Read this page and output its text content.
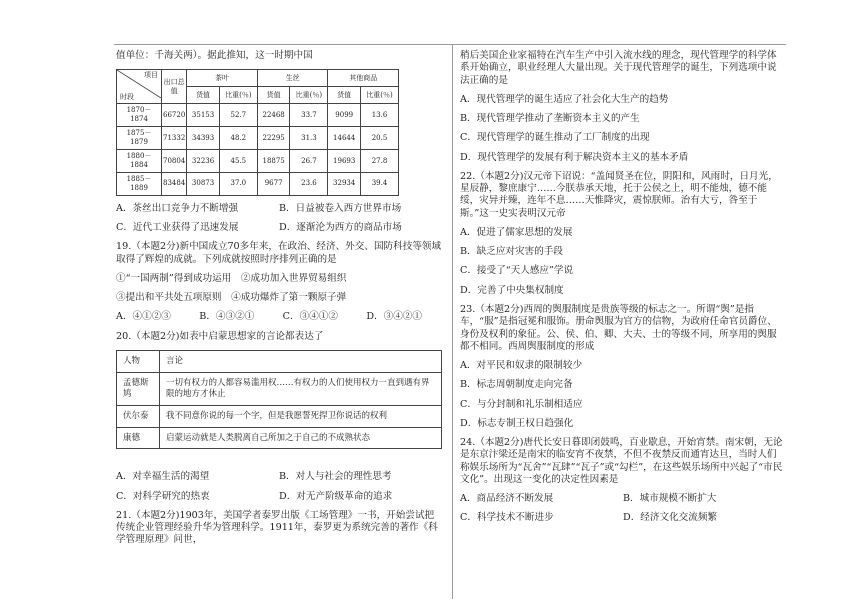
值单位：千海关两）。据此推知，这一时期中国

项目
时段	出口总值	茶叶		生丝		其他商品	
		货值	比重(％)	货值	比重(％)	货值	比重(％)
1870－1874	66720	35153	52.7	22468	33.7	9099	13.6
1875－1879	71332	34393	48.2	22295	31.3	14644	20.5
1880－1884	70804	32236	45.5	18875	26.7	19693	27.8
1885－1889	83484	30873	37.0	9677	23.6	32934	39.4
A．茶丝出口竞争力不断增强	B．日益被卷入西方世界市场
C．近代工业获得了迅速发展	D．逐渐沦为西方的商品市场

19.（本题2分)新中国成立70多年来，在政治、经济、外交、国防科技等领域取得了辉煌的成就。下列成就按照时序排列正确的是

①“一国两制”得到成功运用　②成功加入世界贸易组织

③提出和平共处五项原则　④成功爆炸了第一颗原子弹

A．④①②③	B．④③②①	C．③④①②	D．③④②①

20.（本题2分)如表中启蒙思想家的言论都表达了

人物	言论
孟德斯鸠	一切有权力的人都容易滥用权……有权力的人们使用权力一直到遇有界限的地方才休止
伏尔泰	我不同意你说的每一个字，但是我愿誓死捍卫你说话的权利
康德	启蒙运动就是人类脱离自己所加之于自己的不成熟状态
A．对幸福生活的渴望	B．对人与社会的理性思考
C．对科学研究的热衷	D．对无产阶级革命的追求

21.（本题2分)1903年，美国学者泰罗出版《工场管理》一书，开始尝试把传统企业管理经验升华为管理科学。1911年，泰罗更为系统完善的著作《科学管理原理》问世，

稍后美国企业家福特在汽车生产中引入流水线的理念，现代管理学的科学体系开始确立，职业经理人大量出现。关于现代管理学的诞生，下列选项中说法正确的是

A．现代管理学的诞生适应了社会化大生产的趋势

B．现代管理学推动了垄断资本主义的产生

C．现代管理学的诞生推动了工厂制度的出现

D．现代管理学的发展有利于解决资本主义的基本矛盾

22.（本题2分)汉元帝下诏说：“盖闻贤圣在位，阴阳和，风雨时，日月光，星辰静，黎庶康宁……今朕恭承天地，托于公侯之上，明不能烛，德不能绥，灾异并臻，连年不息……天惟降灾，震惊朕师。治有大亏，咎至于斯。”这一史实表明汉元帝

A．促进了儒家思想的发展

B．缺乏应对灾害的手段

C．接受了“天人感应”学说

D．完善了中央集权制度

23.（本题2分)西周的舆服制度是贵族等级的标志之一。所谓“舆”是指车，“服”是指冠冕和服饰。册命舆服为官方的信物，为政府任命官员爵位、身份及权利的象征。公、侯、伯、卿、大夫、士的等级不同，所享用的舆服都不相同。西周舆服制度的形成

A．对平民和奴隶的限制较少

B．标志周朝制度走向完备

C．与分封制和礼乐制相适应

D．标志专制王权日趋强化

24.（本题2分)唐代长安日暮即闭鼓鸣，百业歇息，开始宵禁。南宋朝，无论是东京汴梁还是南宋的临安宵不夜禁，不但不夜禁反而通宵达旦，当时人们称娱乐场所为“瓦舍”“瓦肆”“瓦子”或“勾栏”，在这些娱乐场所中兴起了“市民文化”。出现这一变化的决定性因素是

A．商品经济不断发展	B．城市规模不断扩大
C．科学技术不断进步	D．经济文化交流频繁
